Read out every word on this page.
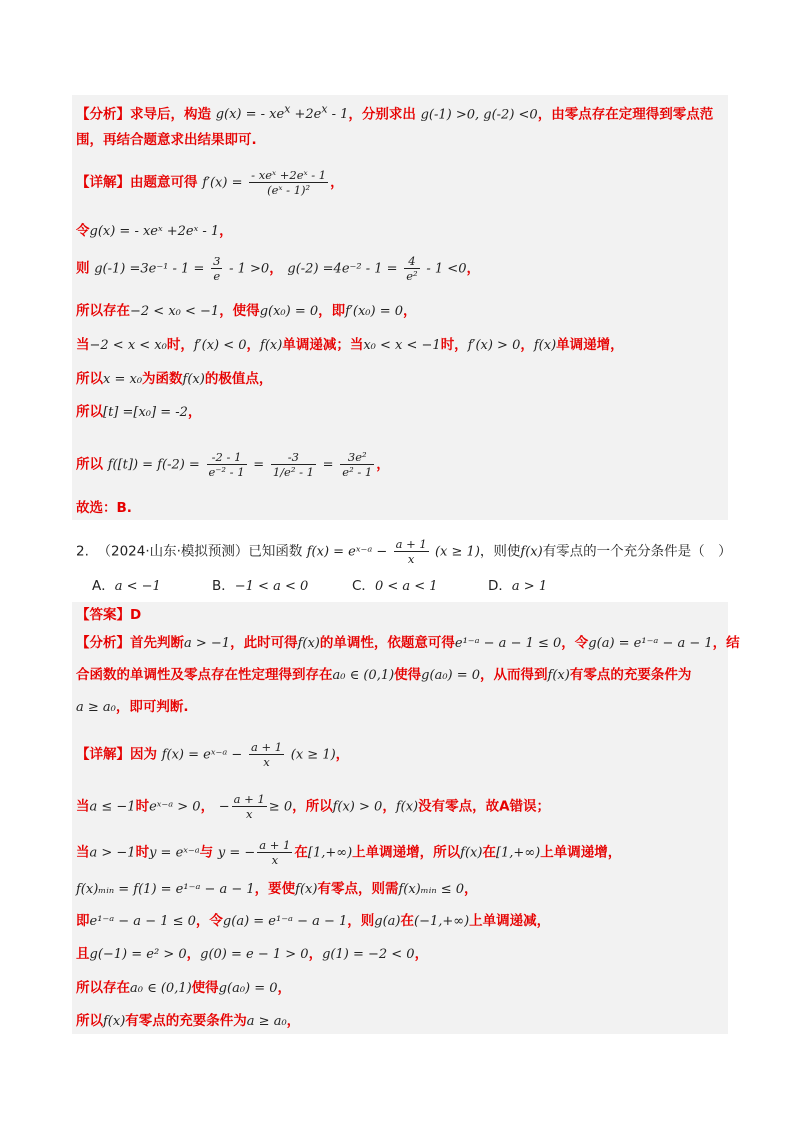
【分析】求导后，构造 g(x) = - $xe^x +2e^x - 1$，分别求出 g(-1) >0, g(-2) <0，由零点存在定理得到零点范
围，再结合题意求出结果即可.
【详解】由题意可得 $f'(x) = \frac{\text{- xeˣ +2eˣ - 1}}{\text{(eˣ - 1)²}}$ ，
令g(x) = - xeˣ +2eˣ - 1，
则 $g(-1) =3e^{-1} - 1 = \frac{3}{e} - 1 >0$， $g(-2) =4e^{-2} - 1 = \frac{4}{\text{e²}} - 1 <0$，
所以存在−2 < x₀ < −1，使得g(x₀) = 0，即f′(x₀) = 0，
当−2 < x < x₀时，f′(x) < 0，f(x)单调递减；当x₀ < x < −1时，f′(x) > 0，f(x)单调递增，
所以x = x₀为函数f(x)的极值点，
所以[t] =[x₀] = -2，
所以 $f([t]) = f(-2) = \frac{-2 - 1}{\text{e⁻² - 1}} = \frac{-3}{\text{1/e² - 1}} = \frac{\text{3e²}}{\text{e² - 1}}$ ，
故选：B.
2. （2024·山东·模拟预测）已知函数 f(x) = eˣ⁻ᵃ − $\frac{a + 1}{x} (x \ge 1)$，则使f(x)有零点的一个充分条件是（　）
A．a < −1	B．−1 < a < 0	C．0 < a < 1	D．a > 1
【答案】D
【分析】首先判断a > −1，此时可得f(x)的单调性，依题意可得e¹⁻ᵃ − a − 1 ≤ 0，令g(a) = e¹⁻ᵃ − a − 1，结
合函数的单调性及零点存在性定理得到存在a₀ ∈ (0,1)使得g(a₀) = 0，从而得到f(x)有零点的充要条件为
a ≥ a₀，即可判断.
【详解】因为 f(x) = eˣ⁻ᵃ − $\frac{a + 1}{x} (x \ge 1)$，
当a ≤ −1时eˣ⁻ᵃ > 0， − $\frac{a + 1}{x} \ge 0$，所以f(x) > 0，f(x)没有零点，故A错误；
当a > −1时y = eˣ⁻ᵃ与 y = − $\frac{a + 1}{x}$ 在[1,+∞)上单调递增，所以f(x)在[1,+∞)上单调递增，
f(x)ₘᵢₙ = f(1) = e¹⁻ᵃ − a − 1，要使f(x)有零点，则需f(x)ₘᵢₙ ≤ 0，
即e¹⁻ᵃ − a − 1 ≤ 0，令g(a) = e¹⁻ᵃ − a − 1，则g(a)在(−1,+∞)上单调递减，
且g(−1) = e² > 0，g(0) = e − 1 > 0，g(1) = −2 < 0，
所以存在a₀ ∈ (0,1)使得g(a₀) = 0，
所以f(x)有零点的充要条件为a ≥ a₀，
